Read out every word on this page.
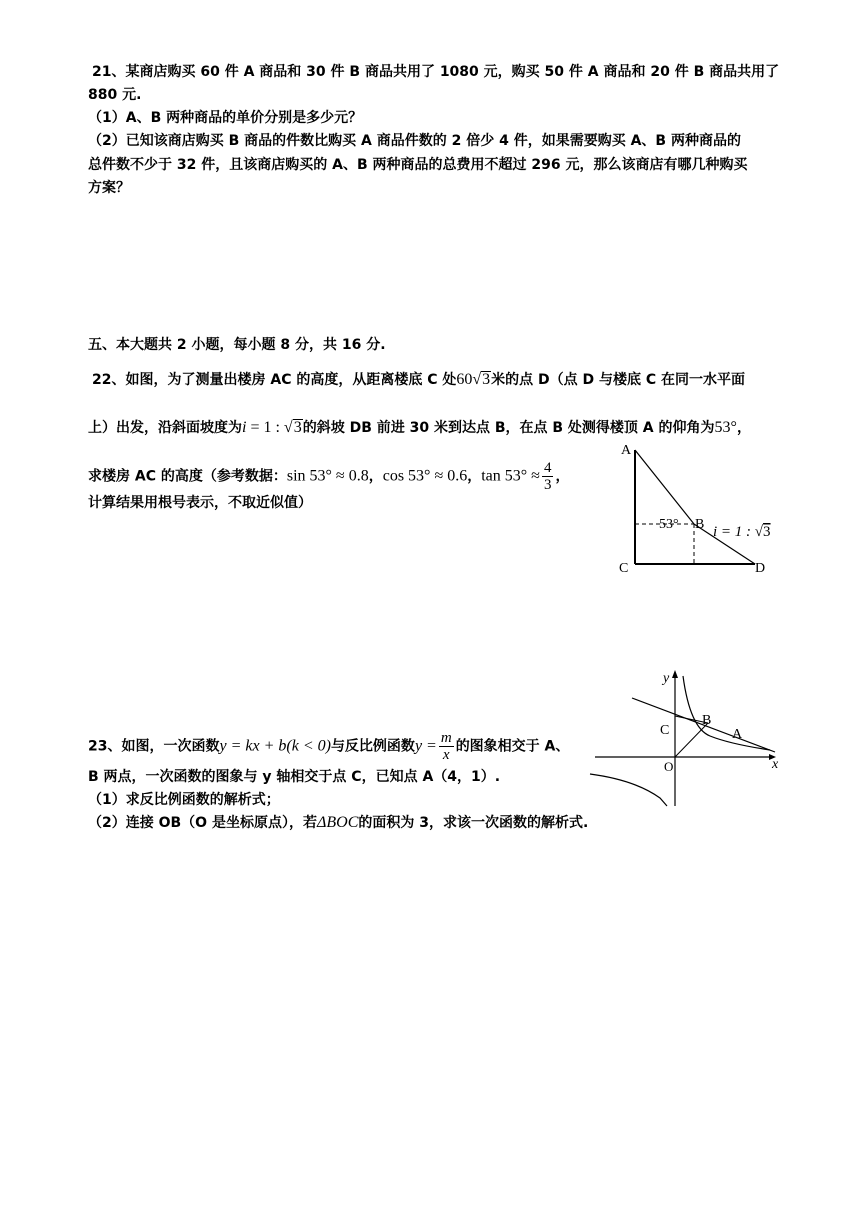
21、某商店购买 60 件 A 商品和 30 件 B 商品共用了 1080 元，购买 50 件 A 商品和 20 件 B 商品共用了
880 元.
（1）A、B 两种商品的单价分别是多少元？
（2）已知该商店购买 B 商品的件数比购买 A 商品件数的 2 倍少 4 件，如果需要购买 A、B 两种商品的
总件数不少于 32 件，且该商店购买的 A、B 两种商品的总费用不超过 296 元，那么该商店有哪几种购买
方案？
五、本大题共 2 小题，每小题 8 分，共 16 分.
22、如图，为了测量出楼房 AC 的高度，从距离楼底 C 处60√3米的点 D（点 D 与楼底 C 在同一水平面
上）出发，沿斜面坡度为i = 1 : √3的斜坡 DB 前进 30 米到达点 B，在点 B 处测得楼顶 A 的仰角为53°，
求楼房 AC 的高度（参考数据：sin 53° ≈ 0.8，cos 53° ≈ 0.6，$\tan 53^\circ \approx \frac{4}{3}$ ，
计算结果用根号表示，不取近似值）
A
B
C	D
53° i = 1 : √3
23、如图，一次函数y = kx + b(k < 0)与反比例函数$y = \frac{m}{x}$ 的图象相交于 A、
B 两点，一次函数的图象与 y 轴相交于点 C，已知点 A（4，1）.
（1）求反比例函数的解析式；
（2）连接 OB（O 是坐标原点），若ΔBOC的面积为 3，求该一次函数的解析式.
y
x
O
C
B
A
